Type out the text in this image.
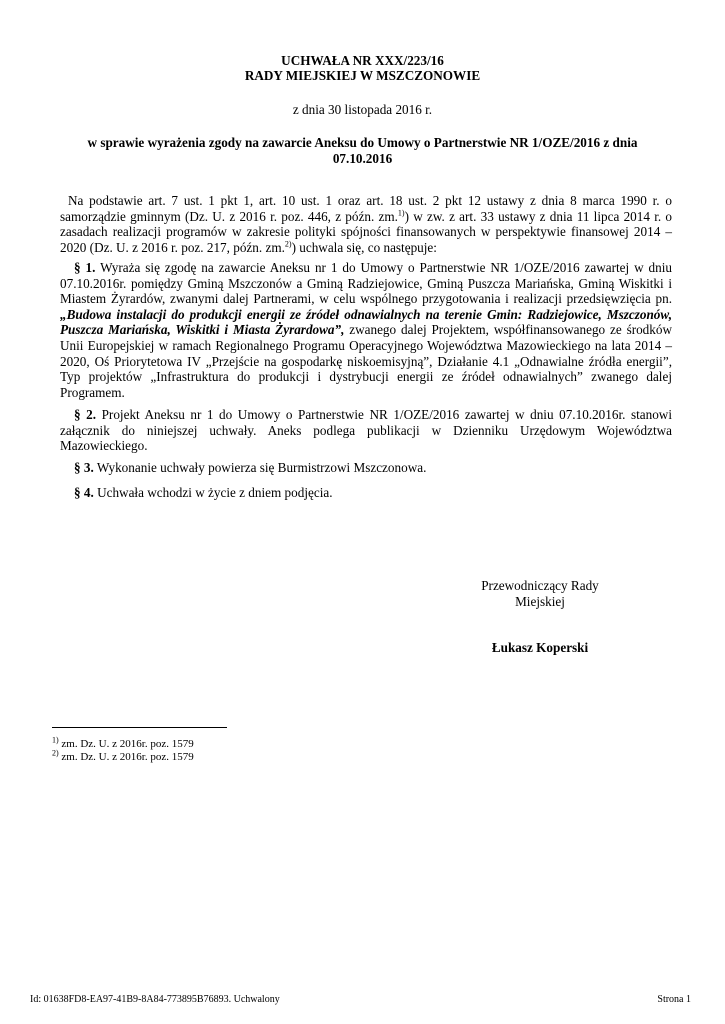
UCHWAŁA NR XXX/223/16
RADY MIEJSKIEJ W MSZCZONOWIE
z dnia 30 listopada 2016 r.
w sprawie wyrażenia zgody na zawarcie Aneksu do Umowy o Partnerstwie NR 1/OZE/2016 z dnia 07.10.2016
Na podstawie art. 7 ust. 1 pkt 1, art. 10 ust. 1 oraz art. 18 ust. 2 pkt 12 ustawy z dnia 8 marca 1990 r. o samorządzie gminnym (Dz. U. z 2016 r. poz. 446, z późn. zm.$^{1)}$) w zw. z art. 33 ustawy z dnia 11 lipca 2014 r. o zasadach realizacji programów w zakresie polityki spójności finansowanych w perspektywie finansowej 2014 – 2020 (Dz. U. z 2016 r. poz. 217, późn. zm.$^{2)}$) uchwala się, co następuje:
§ 1. Wyraża się zgodę na zawarcie Aneksu nr 1 do Umowy o Partnerstwie NR 1/OZE/2016 zawartej w dniu 07.10.2016r. pomiędzy Gminą Mszczonów a Gminą Radziejowice, Gminą Puszcza Mariańska, Gminą Wiskitki i Miastem Żyrardów, zwanymi dalej Partnerami, w celu wspólnego przygotowania i realizacji przedsięwzięcia pn. „Budowa instalacji do produkcji energii ze źródeł odnawialnych na terenie Gmin: Radziejowice, Mszczonów, Puszcza Mariańska, Wiskitki i Miasta Żyrardowa”, zwanego dalej Projektem, współfinansowanego ze środków Unii Europejskiej w ramach Regionalnego Programu Operacyjnego Województwa Mazowieckiego na lata 2014 – 2020, Oś Priorytetowa IV „Przejście na gospodarkę niskoemisyjną”, Działanie 4.1 „Odnawialne źródła energii”, Typ projektów „Infrastruktura do produkcji i dystrybucji energii ze źródeł odnawialnych” zwanego dalej Programem.
§ 2. Projekt Aneksu nr 1 do Umowy o Partnerstwie NR 1/OZE/2016 zawartej w dniu 07.10.2016r. stanowi załącznik do niniejszej uchwały. Aneks podlega publikacji w Dzienniku Urzędowym Województwa Mazowieckiego.
§ 3. Wykonanie uchwały powierza się Burmistrzowi Mszczonowa.
§ 4. Uchwała wchodzi w życie z dniem podjęcia.
Przewodniczący Rady
Miejskiej
Łukasz Koperski
$^{1)}$ zm. Dz. U. z 2016r. poz. 1579
$^{2)}$ zm. Dz. U. z 2016r. poz. 1579
Id: 01638FD8-EA97-41B9-8A84-773895B76893. Uchwalony	Strona 1
